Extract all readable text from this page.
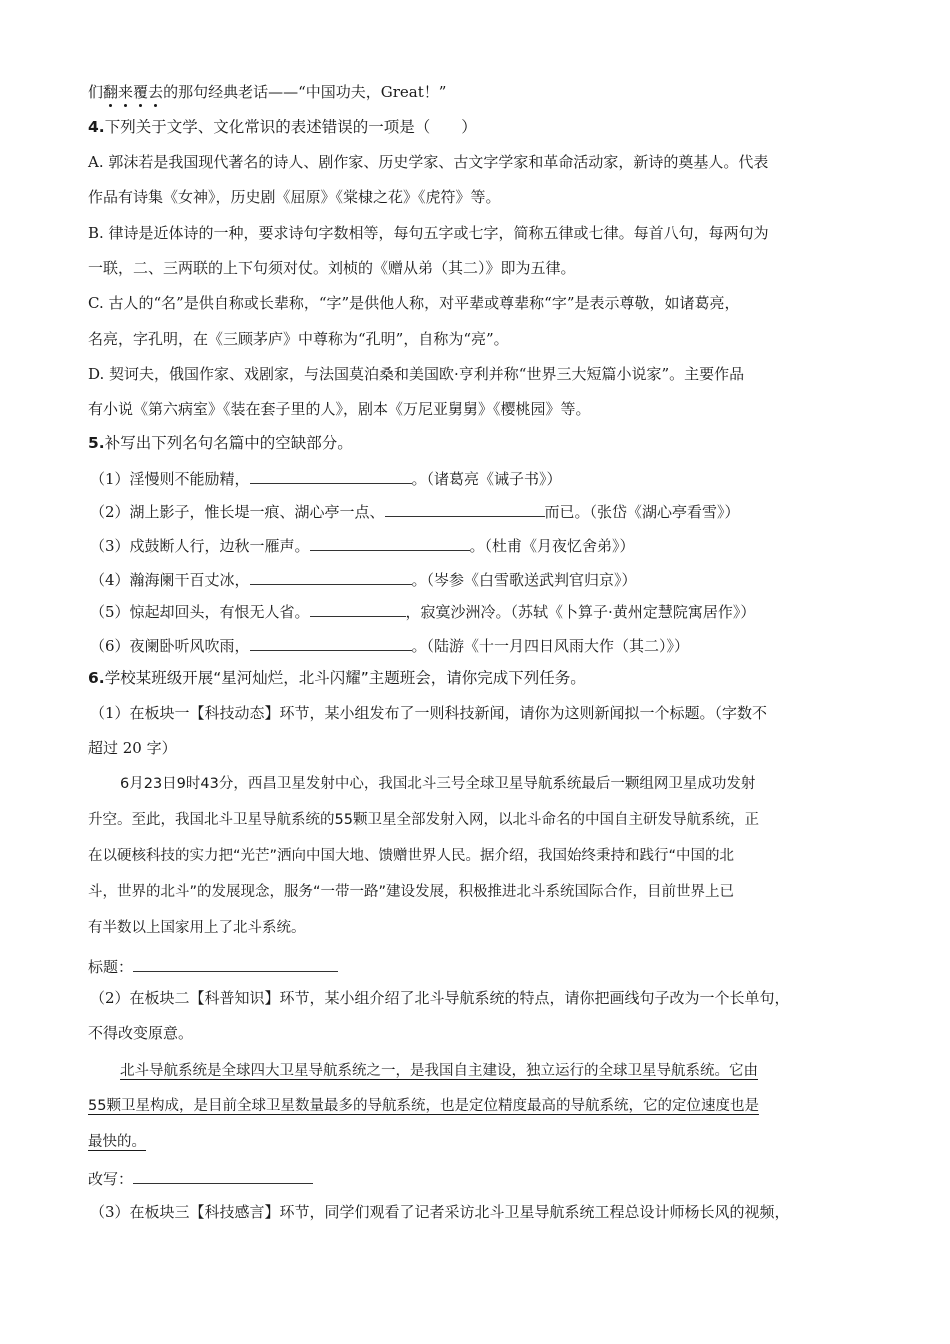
们翻来覆去的那句经典老话——“中国功夫，Great！”
4.下列关于文学、文化常识的表述错误的一项是（　　）
A. 郭沫若是我国现代著名的诗人、剧作家、历史学家、古文字学家和革命活动家，新诗的奠基人。代表
作品有诗集《女神》，历史剧《屈原》《棠棣之花》《虎符》等。
B. 律诗是近体诗的一种，要求诗句字数相等，每句五字或七字，简称五律或七律。每首八句，每两句为
一联，二、三两联的上下句须对仗。刘桢的《赠从弟（其二）》即为五律。
C. 古人的“名”是供自称或长辈称，“字”是供他人称，对平辈或尊辈称“字”是表示尊敬，如诸葛亮，
名亮，字孔明，在《三顾茅庐》中尊称为“孔明”，自称为“亮”。
D. 契诃夫，俄国作家、戏剧家，与法国莫泊桑和美国欧·亨利并称“世界三大短篇小说家”。主要作品
有小说《第六病室》《装在套子里的人》，剧本《万尼亚舅舅》《樱桃园》等。
5.补写出下列名句名篇中的空缺部分。
（1）淫慢则不能励精，	。（诸葛亮《诫子书》）
（2）湖上影子，惟长堤一痕、湖心亭一点、	而已。（张岱《湖心亭看雪》）
（3）戍鼓断人行，边秋一雁声。	。（杜甫《月夜忆舍弟》）
（4）瀚海阑干百丈冰，	。（岑参《白雪歌送武判官归京》）
（5）惊起却回头，有恨无人省。	，寂寞沙洲冷。（苏轼《卜算子·黄州定慧院寓居作》）
（6）夜阑卧听风吹雨，	。（陆游《十一月四日风雨大作（其二）》）
6.学校某班级开展“星河灿烂，北斗闪耀”主题班会，请你完成下列任务。
（1）在板块一【科技动态】环节，某小组发布了一则科技新闻，请你为这则新闻拟一个标题。（字数不
超过 20 字）
6月23日9时43分，西昌卫星发射中心，我国北斗三号全球卫星导航系统最后一颗组网卫星成功发射
升空。至此，我国北斗卫星导航系统的55颗卫星全部发射入网，以北斗命名的中国自主研发导航系统，正
在以硬核科技的实力把“光芒”洒向中国大地、馈赠世界人民。据介绍，我国始终秉持和践行“中国的北
斗，世界的北斗”的发展现念，服务“一带一路”建设发展，积极推进北斗系统国际合作，目前世界上已
有半数以上国家用上了北斗系统。
标题：
（2）在板块二【科普知识】环节，某小组介绍了北斗导航系统的特点，请你把画线句子改为一个长单句，
不得改变原意。
北斗导航系统是全球四大卫星导航系统之一，是我国自主建设，独立运行的全球卫星导航系统。它由
55颗卫星构成，是目前全球卫星数量最多的导航系统，也是定位精度最高的导航系统，它的定位速度也是
最快的。
改写：
（3）在板块三【科技感言】环节，同学们观看了记者采访北斗卫星导航系统工程总设计师杨长风的视频，
